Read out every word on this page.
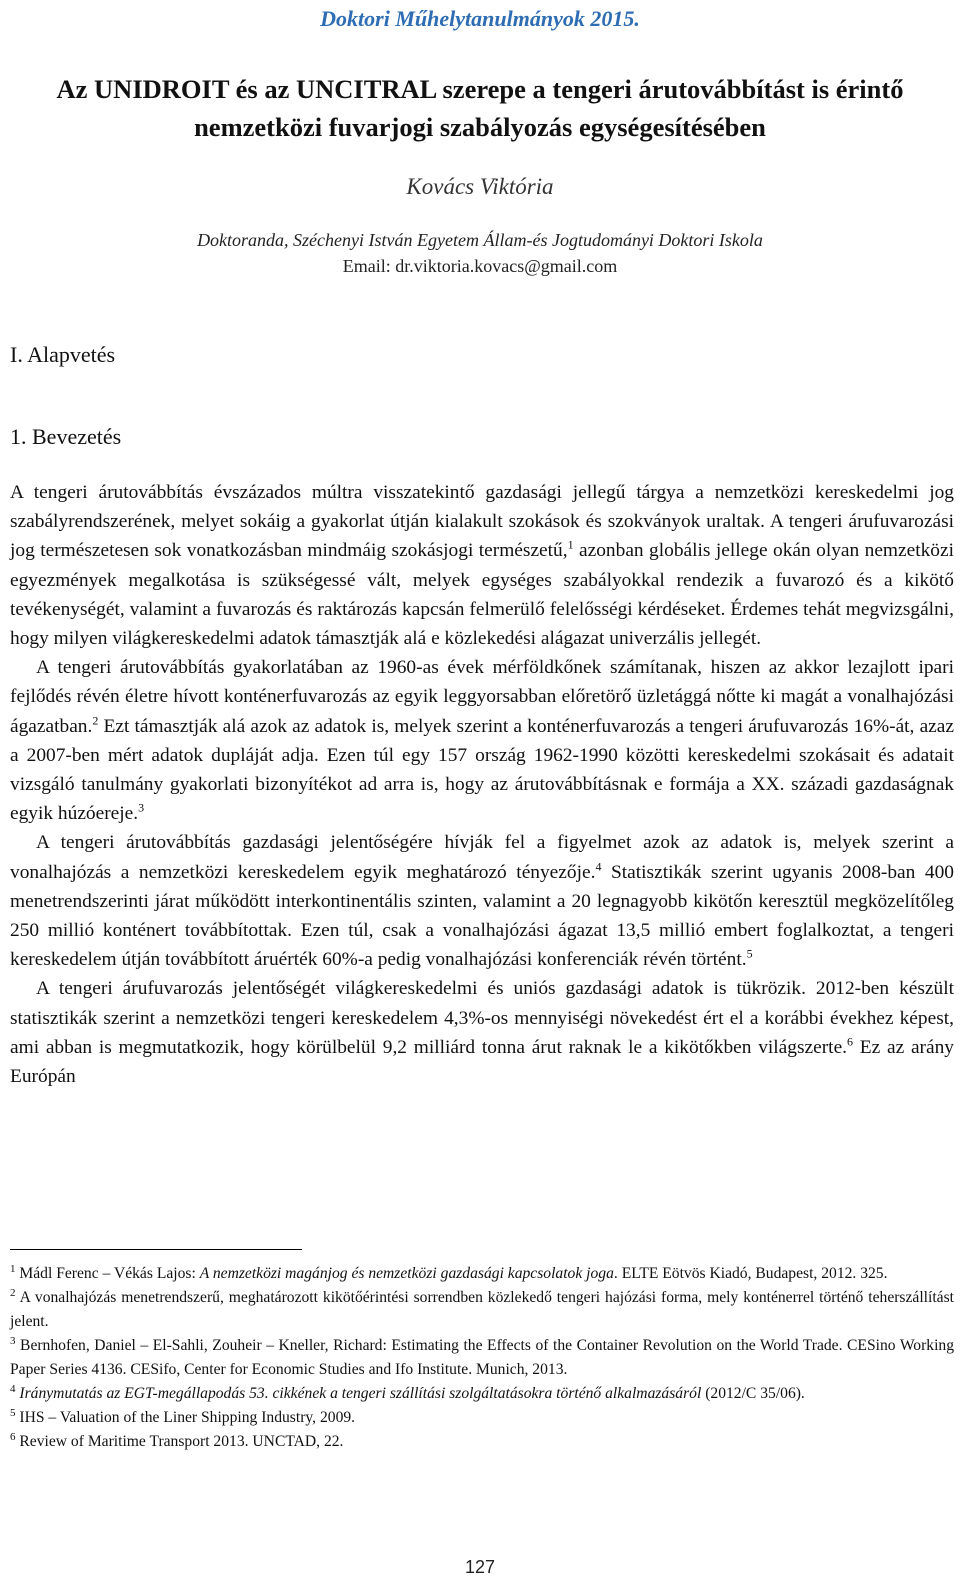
Doktori Műhelytanulmányok 2015.
Az UNIDROIT és az UNCITRAL szerepe a tengeri árutovábbítást is érintő
nemzetközi fuvarjogi szabályozás egységesítésében
Kovács Viktória
Doktoranda, Széchenyi István Egyetem Állam-és Jogtudományi Doktori Iskola
Email: dr.viktoria.kovacs@gmail.com
I. Alapvetés
1. Bevezetés

A tengeri árutovábbítás évszázados múltra visszatekintő gazdasági jellegű tárgya a nemzetközi kereskedelmi jog szabályrendszerének, melyet sokáig a gyakorlat útján kialakult szokások és szokványok uraltak. A tengeri árufuvarozási jog természetesen sok vonatkozásban mindmáig szokásjogi természetű,$^1$ azonban globális jellege okán olyan nemzetközi egyezmények megalkotása is szükségessé vált, melyek egységes szabályokkal rendezik a fuvarozó és a kikötő tevékenységét, valamint a fuvarozás és raktározás kapcsán felmerülő felelősségi kérdéseket. Érdemes tehát megvizsgálni, hogy milyen világkereskedelmi adatok támasztják alá e közlekedési alágazat univerzális jellegét.

A tengeri árutovábbítás gyakorlatában az 1960-as évek mérföldkőnek számítanak, hiszen az akkor lezajlott ipari fejlődés révén életre hívott konténerfuvarozás az egyik leggyorsabban előretörő üzletággá nőtte ki magát a vonalhajózási ágazatban.$^2$ Ezt támasztják alá azok az adatok is, melyek szerint a konténerfuvarozás a tengeri árufuvarozás 16%-át, azaz a 2007-ben mért adatok dupláját adja. Ezen túl egy 157 ország 1962-1990 közötti kereskedelmi szokásait és adatait vizsgáló tanulmány gyakorlati bizonyítékot ad arra is, hogy az árutovábbításnak e formája a XX. századi gazdaságnak egyik húzóereje.$^3$

A tengeri árutovábbítás gazdasági jelentőségére hívják fel a figyelmet azok az adatok is, melyek szerint a vonalhajózás a nemzetközi kereskedelem egyik meghatározó tényezője.$^4$ Statisztikák szerint ugyanis 2008-ban 400 menetrendszerinti járat működött interkontinentális szinten, valamint a 20 legnagyobb kikötőn keresztül megközelítőleg 250 millió konténert továbbítottak. Ezen túl, csak a vonalhajózási ágazat 13,5 millió embert foglalkoztat, a tengeri kereskedelem útján továbbított áruérték 60%-a pedig vonalhajózási konferenciák révén történt.$^5$

A tengeri árufuvarozás jelentőségét világkereskedelmi és uniós gazdasági adatok is tükrözik. 2012-ben készült statisztikák szerint a nemzetközi tengeri kereskedelem 4,3%-os mennyiségi növekedést ért el a korábbi évekhez képest, ami abban is megmutatkozik, hogy körülbelül 9,2 milliárd tonna árut raknak le a kikötőkben világszerte.$^6$ Ez az arány Európán

$^1$ Mádl Ferenc – Vékás Lajos: A nemzetközi magánjog és nemzetközi gazdasági kapcsolatok joga. ELTE Eötvös Kiadó, Budapest, 2012. 325.

$^2$ A vonalhajózás menetrendszerű, meghatározott kikötőérintési sorrendben közlekedő tengeri hajózási forma, mely konténerrel történő teherszállítást jelent.

$^3$ Bernhofen, Daniel – El-Sahli, Zouheir – Kneller, Richard: Estimating the Effects of the Container Revolution on the World Trade. CESino Working Paper Series 4136. CESifo, Center for Economic Studies and Ifo Institute. Munich, 2013.

$^4$ Iránymutatás az EGT-megállapodás 53. cikkének a tengeri szállítási szolgáltatásokra történő alkalmazásáról (2012/C 35/06).

$^5$ IHS – Valuation of the Liner Shipping Industry, 2009.

$^6$ Review of Maritime Transport 2013. UNCTAD, 22.

127
